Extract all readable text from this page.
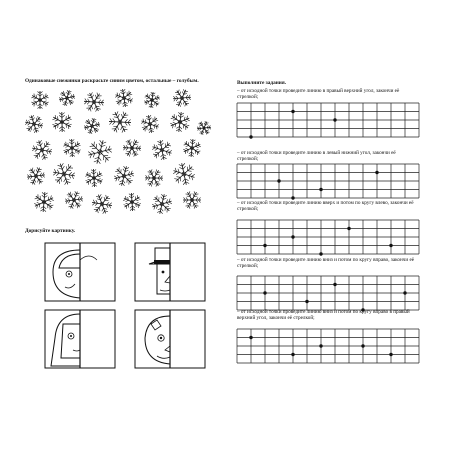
Одинаковые снежинки раскрасьте синим цветом, остальные – голубым.
Дорисуйте картинку.
Выполните задания.
– от исходной точки проведите линию в правый верхний угол, закончи её стрелкой;
– от исходной точки проведите линию в левый нижний угол, закончи её стрелкой;
– от исходной точки проведите линию вверх и потом по кругу влево, закончи её стрелкой;
– от исходной точки проведите линию вниз и потом по кругу вправо, закончи её стрелкой;
– от исходной точки проведите линию вниз и потом по кругу вправо в правый верхний угол, закончи её стрелкой;
